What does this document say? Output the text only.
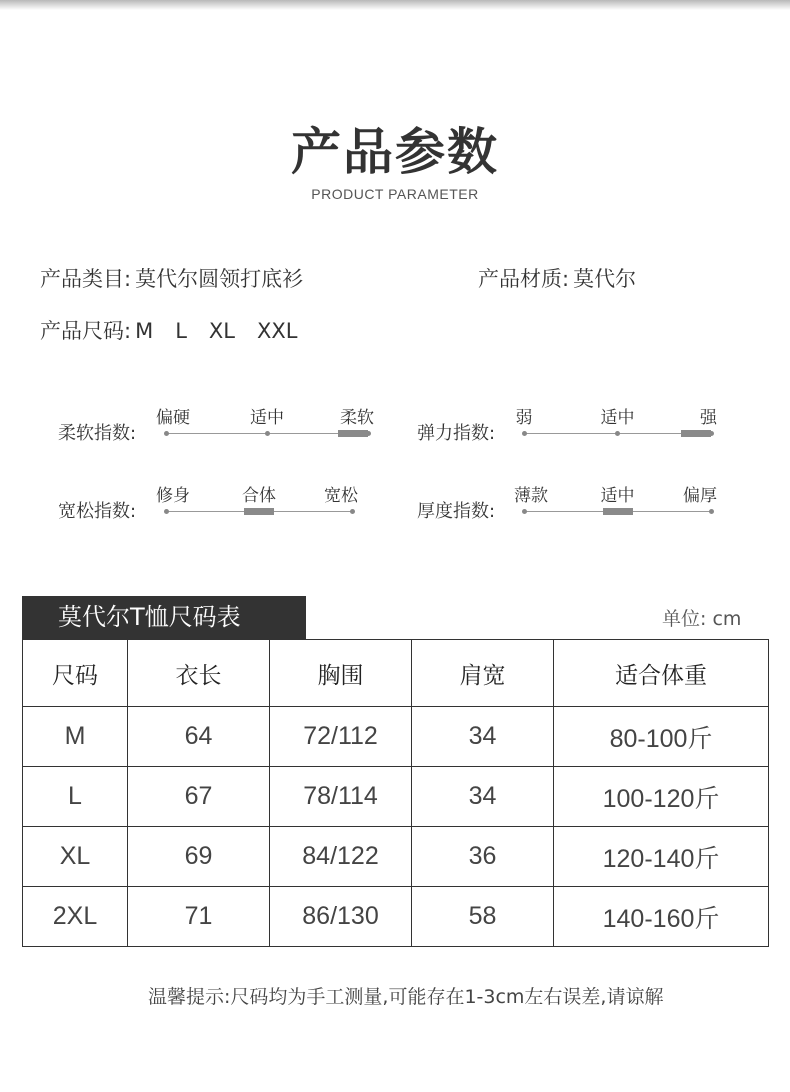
产品参数
PRODUCT PARAMETER
产品类目: 莫代尔圆领打底衫	产品材质: 莫代尔
产品尺码: M L XL XXL
柔软指数:
偏硬	适中	柔软
弹力指数:
弱	适中	强
宽松指数:
修身	合体	宽松
厚度指数:
薄款	适中	偏厚
莫代尔T恤尺码表	单位: cm
尺码	衣长	胸围	肩宽	适合体重
M	64	72/112	34	80-100斤
L	67	78/114	34	100-120斤
XL	69	84/122	36	120-140斤
2XL	71	86/130	58	140-160斤
温馨提示:尺码均为手工测量,可能存在1-3cm左右误差,请谅解
